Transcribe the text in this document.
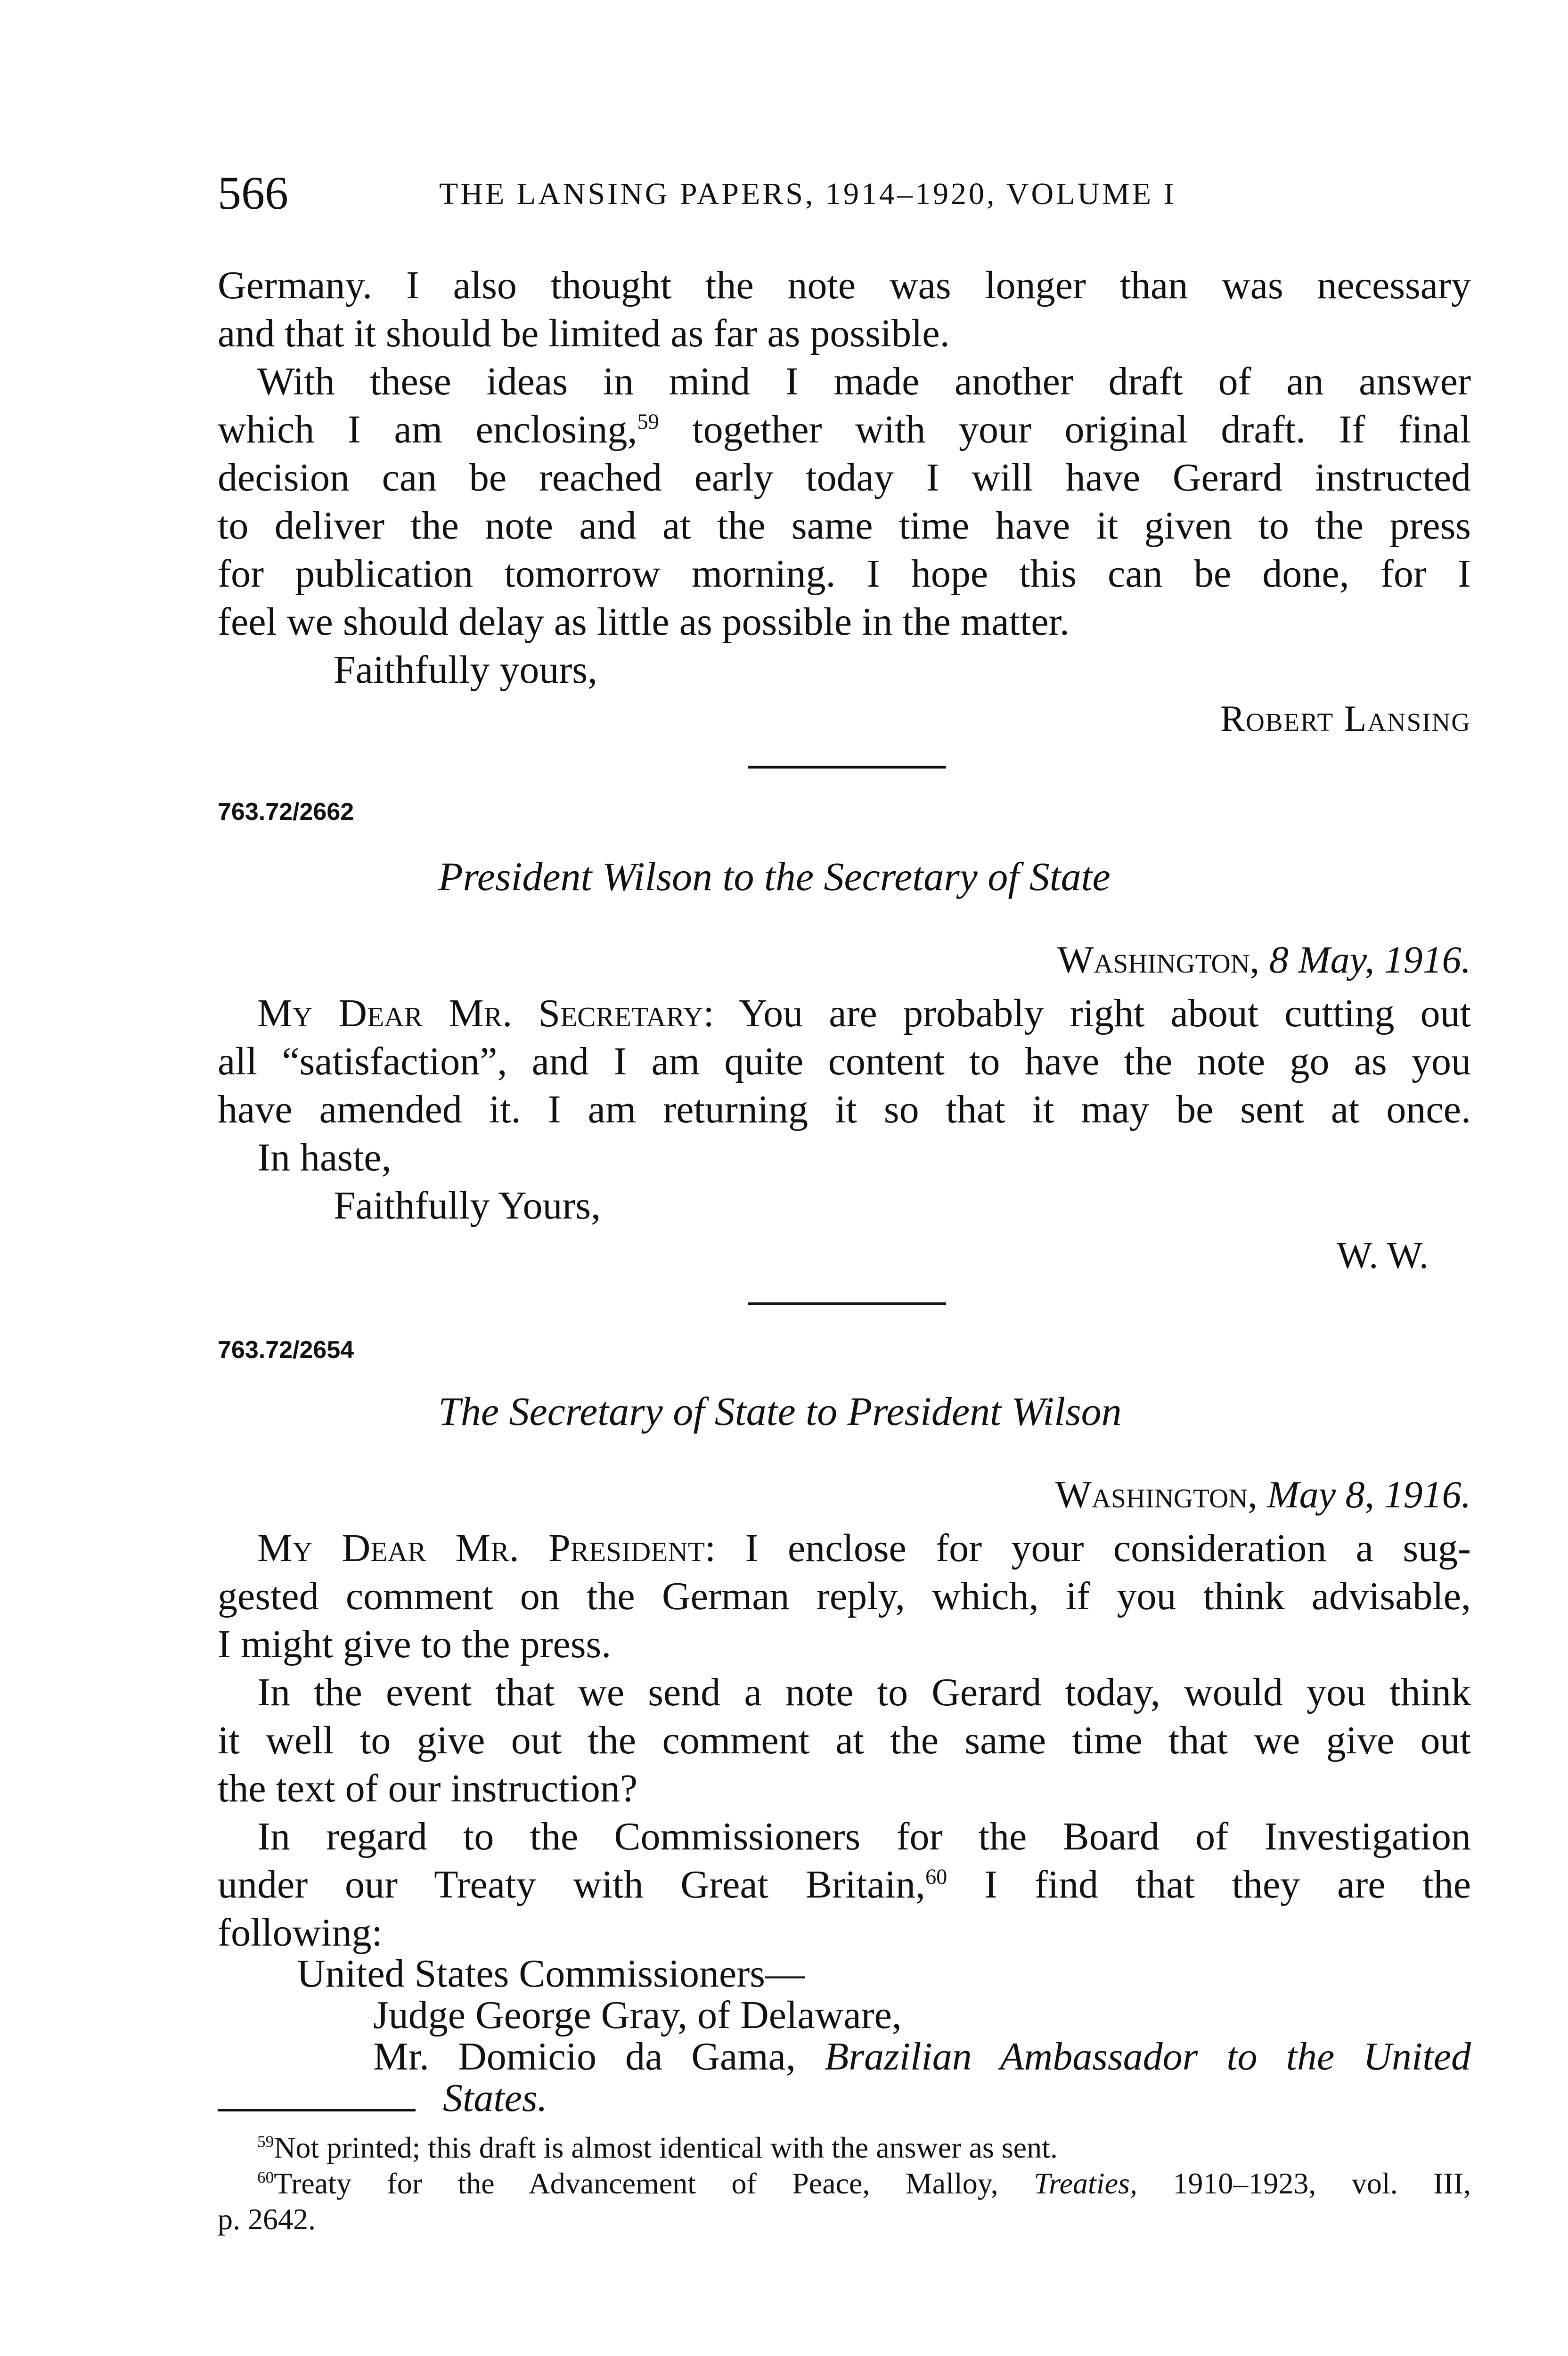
566	THE LANSING PAPERS, 1914–1920, VOLUME I
Germany. I also thought the note was longer than was necessary
and that it should be limited as far as possible.
With these ideas in mind I made another draft of an answer
which I am enclosing,$^{59}$ together with your original draft. If final
decision can be reached early today I will have Gerard instructed
to deliver the note and at the same time have it given to the press
for publication tomorrow morning. I hope this can be done, for I
feel we should delay as little as possible in the matter.
Faithfully yours,
Robert Lansing
763.72/2662
President Wilson to the Secretary of State
Washington, 8 May, 1916.
My Dear Mr. Secretary: You are probably right about cutting out
all “satisfaction”, and I am quite content to have the note go as you
have amended it. I am returning it so that it may be sent at once.
In haste,
Faithfully Yours,
W. W.
763.72/2654
The Secretary of State to President Wilson
Washington, May 8, 1916.
My Dear Mr. President: I enclose for your consideration a sug-
gested comment on the German reply, which, if you think advisable,
I might give to the press.
In the event that we send a note to Gerard today, would you think
it well to give out the comment at the same time that we give out
the text of our instruction?
In regard to the Commissioners for the Board of Investigation
under our Treaty with Great Britain,$^{60}$ I find that they are the
following:
United States Commissioners—
Judge George Gray, of Delaware,
Mr. Domicio da Gama, Brazilian Ambassador to the United
States.
$^{59}$Not printed; this draft is almost identical with the answer as sent.
$^{60}$Treaty for the Advancement of Peace, Malloy, Treaties, 1910–1923, vol. III,
p. 2642.
